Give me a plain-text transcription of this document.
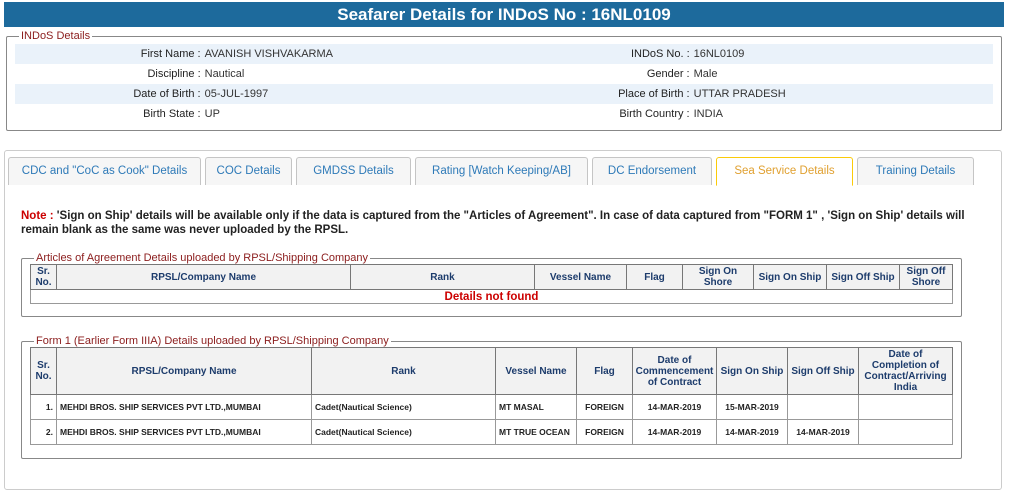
Seafarer Details for INDoS No : 16NL0109
INDoS Details
First Name :	AVANISH VISHVAKARMA	INDoS No. :	16NL0109
Discipline :	Nautical	Gender :	Male
Date of Birth :	05-JUL-1997	Place of Birth :	UTTAR PRADESH
Birth State :	UP	Birth Country :	INDIA
CDC and "CoC as Cook" Details	COC Details	GMDSS Details	Rating [Watch Keeping/AB]	DC Endorsement	Sea Service Details	Training Details
Note : 'Sign on Ship' details will be available only if the data is captured from the "Articles of Agreement". In case of data captured from "FORM 1" , 'Sign on Ship' details will remain blank as the same was never uploaded by the RPSL.
Articles of Agreement Details uploaded by RPSL/Shipping Company
Sr. No.	RPSL/Company Name	Rank	Vessel Name	Flag	Sign On Shore	Sign On Ship	Sign Off Ship	Sign Off Shore
Details not found
Form 1 (Earlier Form IIIA) Details uploaded by RPSL/Shipping Company
Sr. No.	RPSL/Company Name	Rank	Vessel Name	Flag	Date of Commencement of Contract	Sign On Ship	Sign Off Ship	Date of Completion of Contract/Arriving India
1.	MEHDI BROS. SHIP SERVICES PVT LTD.,MUMBAI	Cadet(Nautical Science)	MT MASAL	FOREIGN	14-MAR-2019	15-MAR-2019		
2.	MEHDI BROS. SHIP SERVICES PVT LTD.,MUMBAI	Cadet(Nautical Science)	MT TRUE OCEAN	FOREIGN	14-MAR-2019	14-MAR-2019	14-MAR-2019	
